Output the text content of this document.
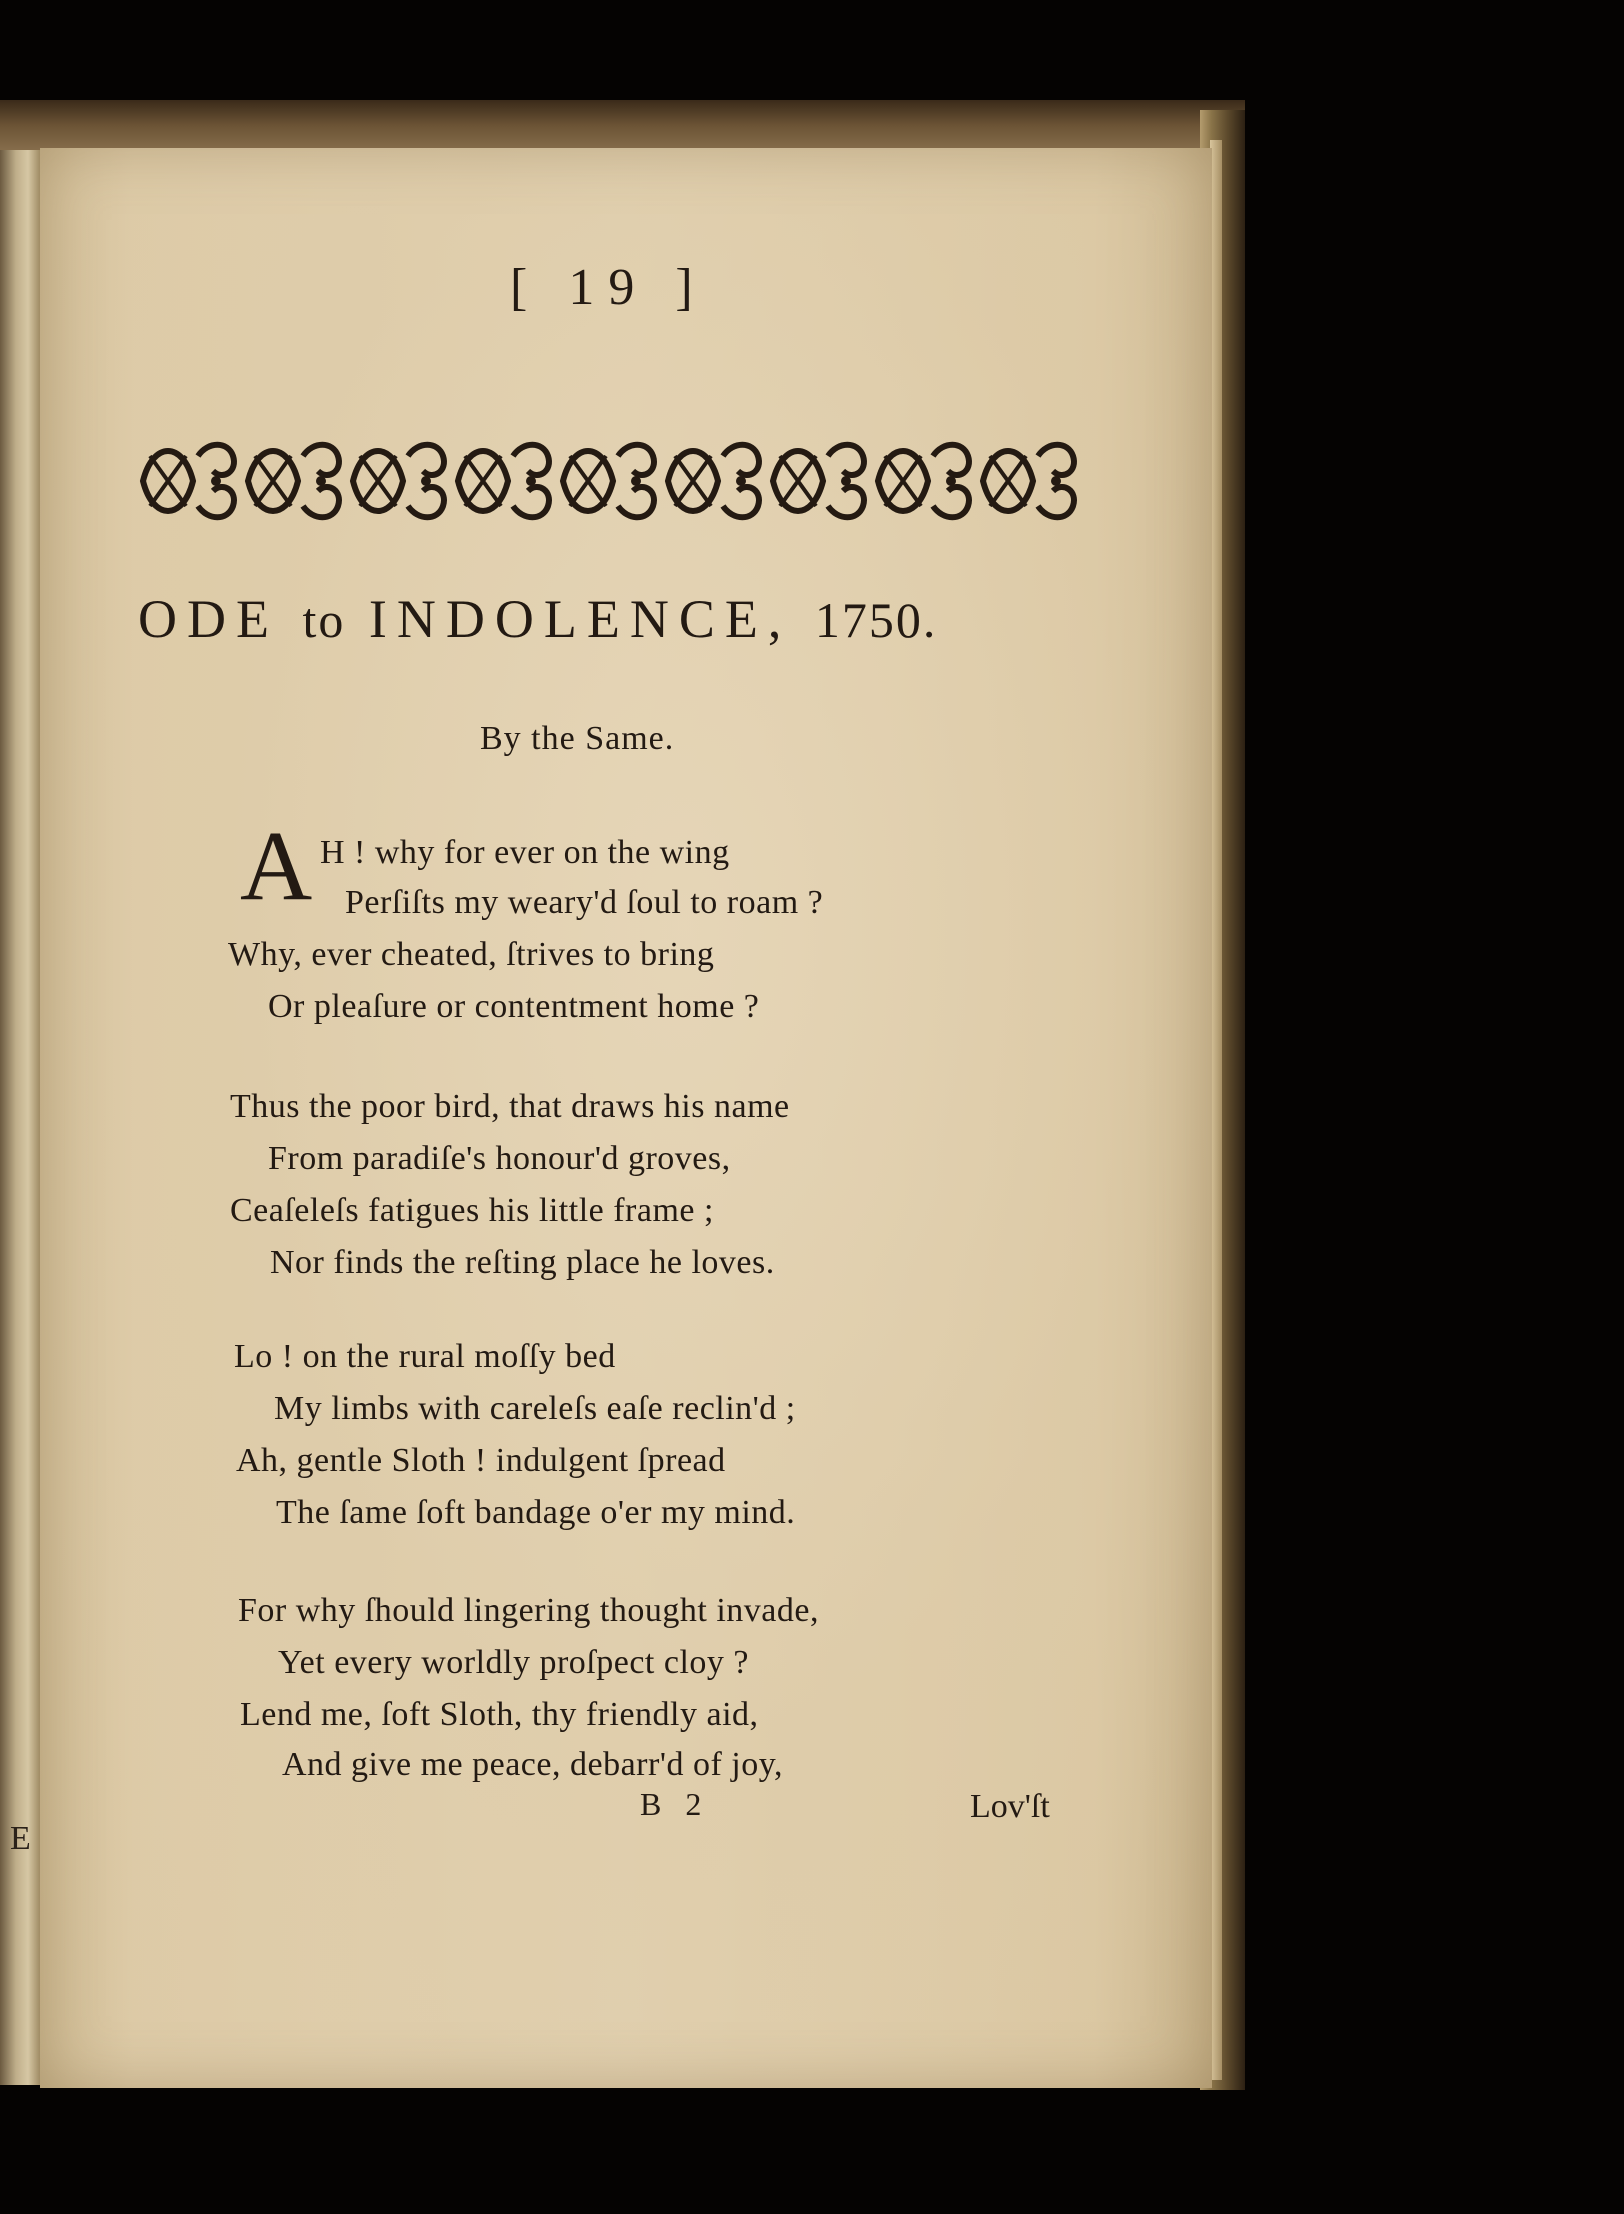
E
[ 19 ]
ODE to INDOLENCE, 1750.
By the Same.
A H ! why for ever on the wing
Perſiſts my weary'd ſoul to roam ?
Why, ever cheated, ſtrives to bring
Or pleaſure or contentment home ?
Thus the poor bird, that draws his name
From paradiſe's honour'd groves,
Ceaſeleſs fatigues his little frame ;
Nor finds the reſting place he loves.
Lo ! on the rural moſſy bed
My limbs with careleſs eaſe reclin'd ;
Ah, gentle Sloth ! indulgent ſpread
The ſame ſoft bandage o'er my mind.
For why ſhould lingering thought invade,
Yet every worldly proſpect cloy ?
Lend me, ſoft Sloth, thy friendly aid,
And give me peace, debarr'd of joy,
B 2	Lov'ſt
